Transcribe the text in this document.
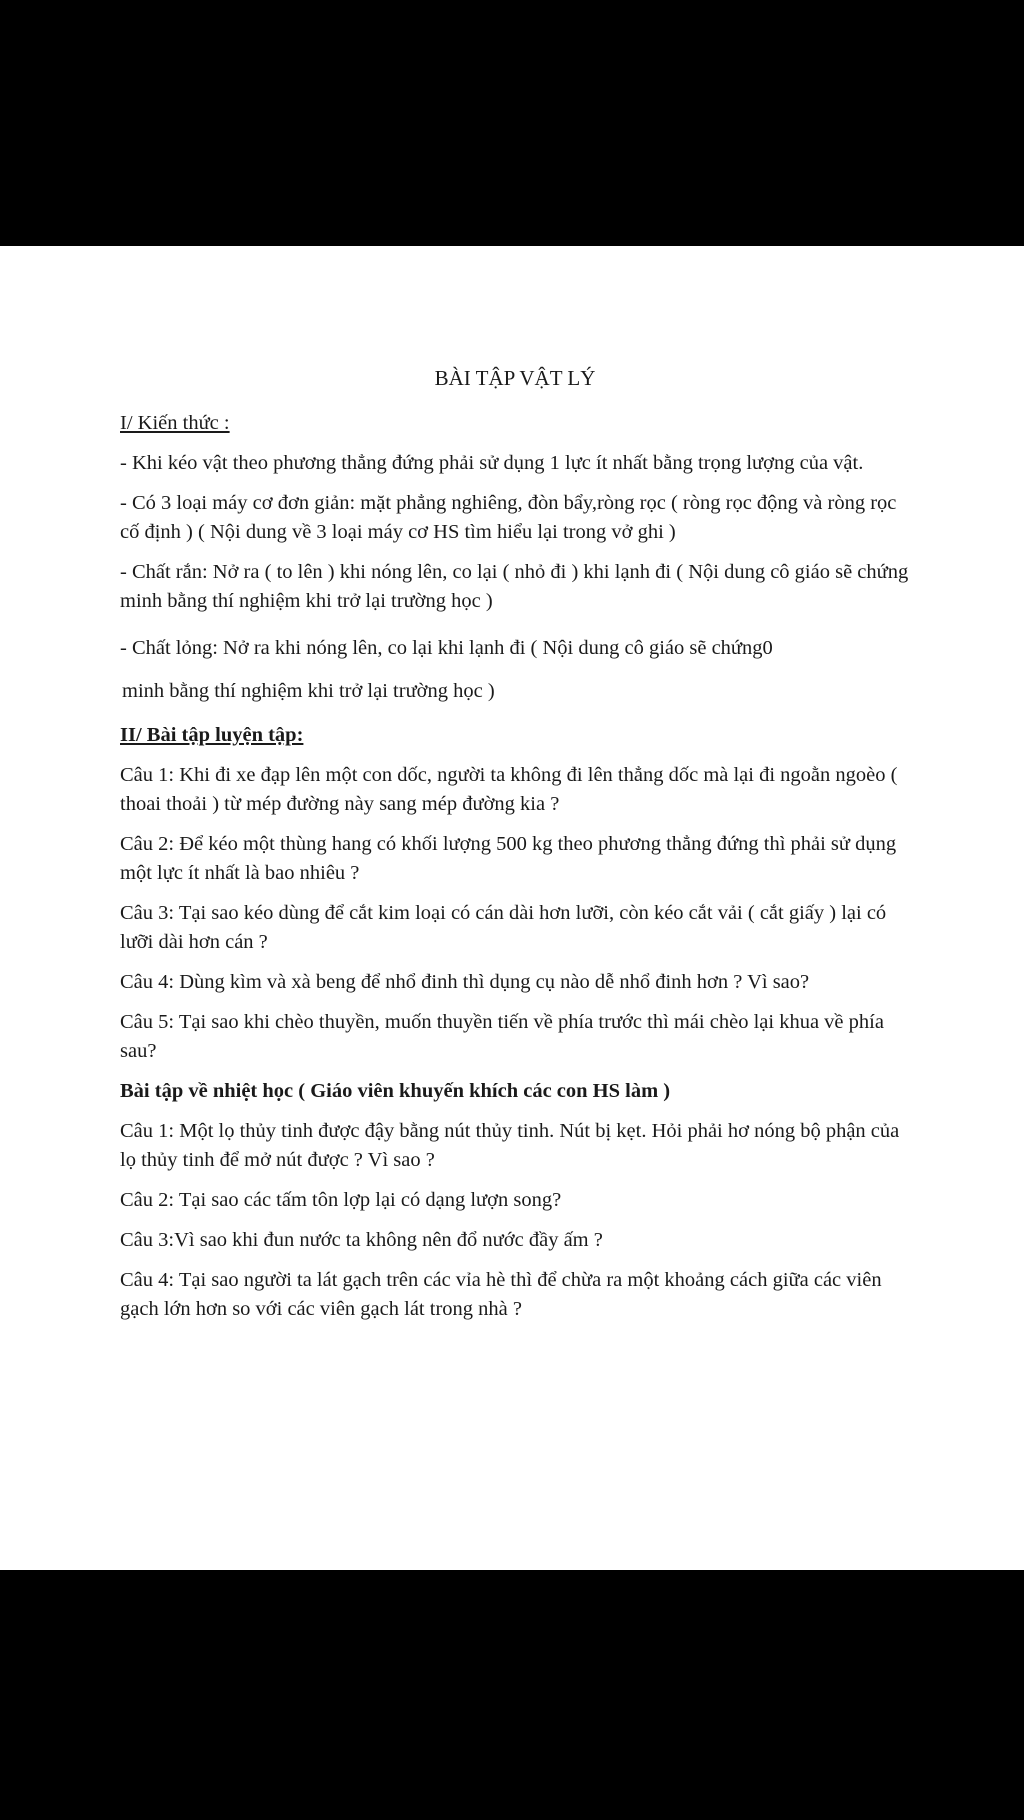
BÀI TẬP VẬT LÝ
I/ Kiến thức :
- Khi kéo vật theo phương thẳng đứng phải sử dụng 1 lực ít nhất bằng trọng lượng của vật.
- Có 3 loại máy cơ đơn giản: mặt phẳng nghiêng, đòn bẩy,ròng rọc ( ròng rọc động và ròng rọc cố định ) ( Nội dung về 3 loại máy cơ HS tìm hiểu lại trong vở ghi )
- Chất rắn: Nở ra ( to lên ) khi nóng lên, co lại ( nhỏ đi ) khi lạnh đi ( Nội dung cô giáo sẽ chứng minh bằng thí nghiệm khi trở lại trường học )
- Chất lỏng: Nở ra khi nóng lên, co lại khi lạnh đi ( Nội dung cô giáo sẽ chứng0
minh bằng thí nghiệm khi trở lại trường học )
II/ Bài tập luyện tập:
Câu 1: Khi đi xe đạp lên một con dốc, người ta không đi lên thẳng dốc mà lại đi ngoằn ngoèo ( thoai thoải ) từ mép đường này sang mép đường kia ?
Câu 2: Để kéo một thùng hang có khối lượng 500 kg theo phương thẳng đứng thì phải sử dụng một lực ít nhất là bao nhiêu ?
Câu 3: Tại sao kéo dùng để cắt kim loại có cán dài hơn lưỡi, còn kéo cắt vải ( cắt giấy ) lại có lưỡi dài hơn cán ?
Câu 4: Dùng kìm và xà beng để nhổ đinh thì dụng cụ nào dễ nhổ đinh hơn ? Vì sao?
Câu 5: Tại sao khi chèo thuyền, muốn thuyền tiến về phía trước thì mái chèo lại khua về phía sau?
Bài tập về nhiệt học ( Giáo viên khuyến khích các con HS làm )
Câu 1: Một lọ thủy tinh được đậy bằng nút thủy tinh. Nút bị kẹt. Hỏi phải hơ nóng bộ phận của lọ thủy tinh để mở nút được ? Vì sao ?
Câu 2: Tại sao các tấm tôn lợp lại có dạng lượn song?
Câu 3:Vì sao khi đun nước ta không nên đổ nước đầy ấm ?
Câu 4: Tại sao người ta lát gạch trên các vỉa hè thì để chừa ra một khoảng cách giữa các viên gạch lớn hơn so với các viên gạch lát trong nhà ?
